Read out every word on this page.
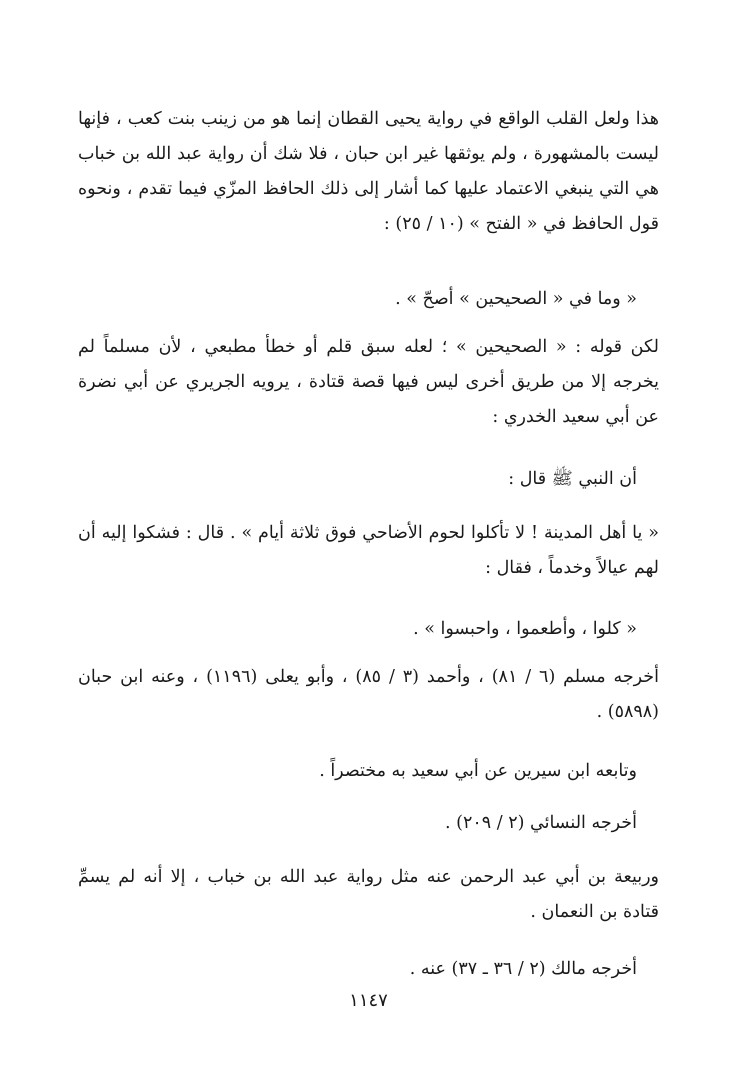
هذا ولعل القلب الواقع في رواية يحيى القطان إنما هو من زينب بنت كعب ، فإنها ليست بالمشهورة ، ولم يوثقها غير ابن حبان ، فلا شك أن رواية عبد الله بن خباب هي التي ينبغي الاعتماد عليها كما أشار إلى ذلك الحافظ المزّي فيما تقدم ، ونحوه قول الحافظ في « الفتح » (١٠ / ٢٥) :

« وما في « الصحيحين » أصحّ » .

لكن قوله : « الصحيحين » ؛ لعله سبق قلم أو خطأ مطبعي ، لأن مسلماً لم يخرجه إلا من طريق أخرى ليس فيها قصة قتادة ، يرويه الجريري عن أبي نضرة عن أبي سعيد الخدري :

أن النبي ﷺ قال :

« يا أهل المدينة ! لا تأكلوا لحوم الأضاحي فوق ثلاثة أيام » . قال : فشكوا إليه أن لهم عيالاً وخدماً ، فقال :

« كلوا ، وأطعموا ، واحبسوا » .

أخرجه مسلم (٦ / ٨١) ، وأحمد (٣ / ٨٥) ، وأبو يعلى (١١٩٦) ، وعنه ابن حبان (٥٨٩٨) .

وتابعه ابن سيرين عن أبي سعيد به مختصراً .

أخرجه النسائي (٢ / ٢٠٩) .

وربيعة بن أبي عبد الرحمن عنه مثل رواية عبد الله بن خباب ، إلا أنه لم يسمِّ قتادة بن النعمان .

أخرجه مالك (٢ / ٣٦ ـ ٣٧) عنه .

١١٤٧
